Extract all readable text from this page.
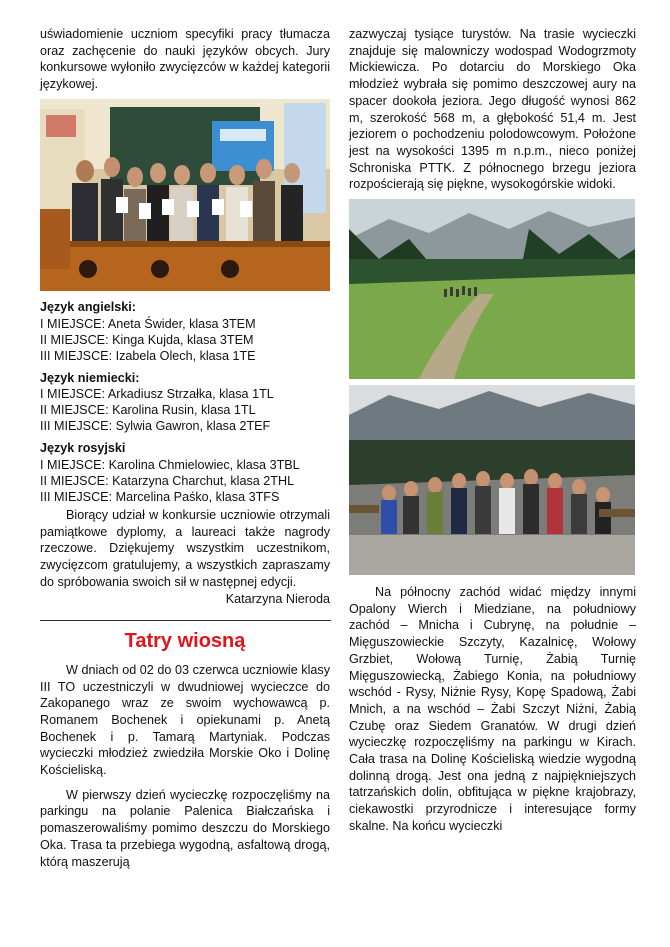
uświadomienie uczniom specyfiki pracy tłumacza oraz zachęcenie do nauki języków obcych. Jury konkursowe wyłoniło zwycięzców w każdej kategorii językowej.

Język angielski:
I MIEJSCE: Aneta Świder, klasa 3TEM
II MIEJSCE: Kinga Kujda, klasa 3TEM
III MIEJSCE: Izabela Olech, klasa 1TE
Język niemiecki:
I MIEJSCE: Arkadiusz Strzałka, klasa 1TL
II MIEJSCE: Karolina Rusin, klasa 1TL
III MIEJSCE: Sylwia Gawron, klasa 2TEF
Język rosyjski
I MIEJSCE: Karolina Chmielowiec, klasa 3TBL
II MIEJSCE: Katarzyna Charchut, klasa 2THL
III MIEJSCE: Marcelina Paśko, klasa 3TFS

Biorący udział w konkursie uczniowie otrzymali pamiątkowe dyplomy, a laureaci także nagrody rzeczowe. Dziękujemy wszystkim uczestnikom, zwycięzcom gratulujemy, a wszystkich zapraszamy do spróbowania swoich sił w następnej edycji.

Katarzyna Nieroda
Tatry wiosną

W dniach od 02 do 03 czerwca uczniowie klasy III TO uczestniczyli w dwudniowej wycieczce do Zakopanego wraz ze swoim wychowawcą p. Romanem Bochenek i opiekunami p. Anetą Bochenek i p. Tamarą Martyniak. Podczas wycieczki młodzież zwiedziła Morskie Oko i Dolinę Kościeliską.

W pierwszy dzień wycieczkę rozpoczęliśmy na parkingu na polanie Palenica Białczańska i pomaszerowaliśmy pomimo deszczu do Morskiego Oka. Trasa ta przebiega wygodną, asfaltową drogą, którą maszerują

zazwyczaj tysiące turystów. Na trasie wycieczki znajduje się malowniczy wodospad Wodogrzmoty Mickiewicza. Po dotarciu do Morskiego Oka młodzież wybrała się pomimo deszczowej aury na spacer dookoła jeziora. Jego długość wynosi 862 m, szerokość 568 m, a głębokość 51,4 m. Jest jeziorem o pochodzeniu polodowcowym. Położone jest na wysokości 1395 m n.p.m., nieco poniżej Schroniska PTTK. Z północnego brzegu jeziora rozpościerają się piękne, wysokogórskie widoki.

Na północny zachód widać między innymi Opalony Wierch i Miedziane, na południowy zachód – Mnicha i Cubrynę, na południe – Mięguszowieckie Szczyty, Kazalnicę, Wołowy Grzbiet, Wołową Turnię, Żabią Turnię Mięguszowiecką, Żabiego Konia, na południowy wschód - Rysy, Niżnie Rysy, Kopę Spadową, Żabi Mnich, a na wschód – Żabi Szczyt Niżni, Żabią Czubę oraz Siedem Granatów. W drugi dzień wycieczkę rozpoczęliśmy na parkingu w Kirach. Cała trasa na Dolinę Kościeliską wiedzie wygodną dolinną drogą. Jest ona jedną z najpiękniejszych tatrzańskich dolin, obfitująca w piękne krajobrazy, ciekawostki przyrodnicze i interesujące formy skalne. Na końcu wycieczki
